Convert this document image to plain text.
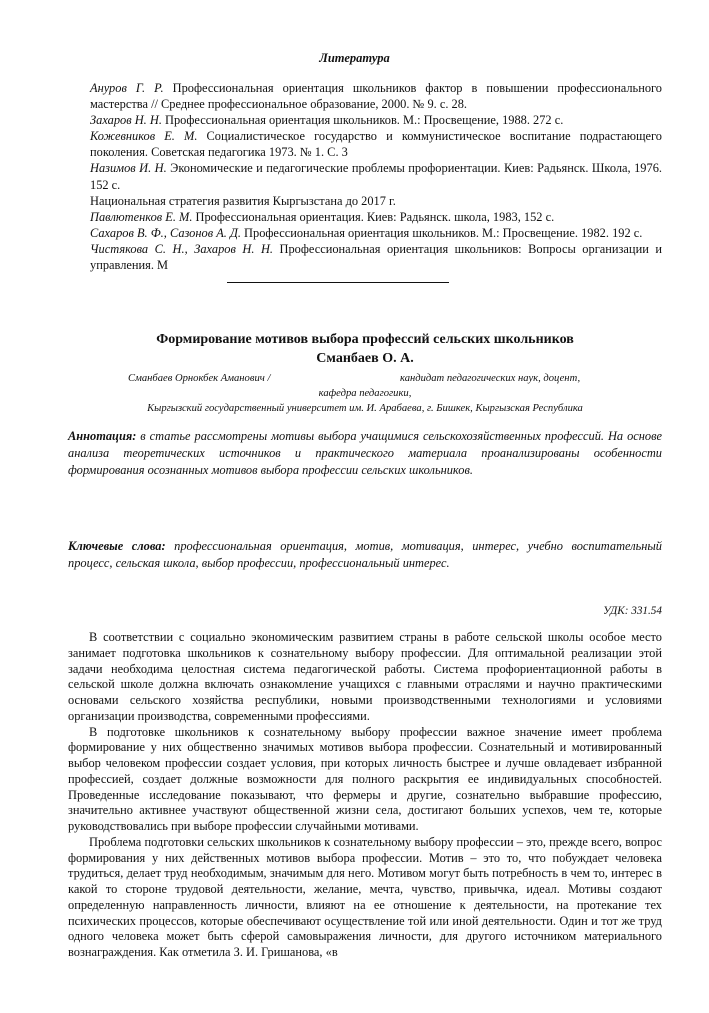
Литература

Ануров Г. Р. Профессиональная ориентация школьников фактор в повышении профессионального мастерства // Среднее профессиональное образование, 2000. № 9. с. 28.

Захаров Н. Н. Профессиональная ориентация школьников. М.: Просвещение, 1988. 272 с.

Кожевников Е. М. Социалистическое государство и коммунистическое воспитание подрастающего поколения. Советская педагогика 1973. № 1. С. 3

Назимов И. Н. Экономические и педагогические проблемы профориентации. Киев: Радьянск. Школа, 1976. 152 с.

Национальная стратегия развития Кыргызстана до 2017 г.

Павлютенков Е. М. Профессиональная ориентация. Киев: Радьянск. школа, 1983, 152 с.

Сахаров В. Ф., Сазонов А. Д. Профессиональная ориентация школьников. М.: Просвещение. 1982. 192 с.

Чистякова С. Н., Захаров Н. Н. Профессиональная ориентация школьников: Вопросы организации и управления. М

Формирование мотивов выбора профессий сельских школьников
Сманбаев О. А.
Сманбаев Орнокбек Аманович /	кандидат педагогических наук, доцент,
кафедра педагогики,
Кыргызский государственный университет им. И. Арабаева, г. Бишкек, Кыргызская Республика
Аннотация: в статье рассмотрены мотивы выбора учащимися сельскохозяйственных профессий. На основе анализа теоретических источников и практического материала проанализированы особенности формирования осознанных мотивов выбора профессии сельских школьников.
Ключевые слова: профессиональная ориентация, мотив, мотивация, интерес, учебно воспитательный процесс, сельская школа, выбор профессии, профессиональный интерес.
УДК: 331.54

В соответствии с социально экономическим развитием страны в работе сельской школы особое место занимает подготовка школьников к сознательному выбору профессии. Для оптимальной реализации этой задачи необходима целостная система педагогической работы. Система профориентационной работы в сельской школе должна включать ознакомление учащихся с главными отраслями и научно практическими основами сельского хозяйства республики, новыми производственными технологиями и условиями организации производства, современными профессиями.

В подготовке школьников к сознательному выбору профессии важное значение имеет проблема формирование у них общественно значимых мотивов выбора профессии. Сознательный и мотивированный выбор человеком профессии создает условия, при которых личность быстрее и лучше овладевает избранной профессией, создает должные возможности для полного раскрытия ее индивидуальных способностей. Проведенные исследование показывают, что фермеры и другие, сознательно выбравшие профессию, значительно активнее участвуют общественной жизни села, достигают больших успехов, чем те, которые руководствовались при выборе профессии случайными мотивами.

Проблема подготовки сельских школьников к сознательному выбору профессии – это, прежде всего, вопрос формирования у них действенных мотивов выбора профессии. Мотив – это то, что побуждает человека трудиться, делает труд необходимым, значимым для него. Мотивом могут быть потребность в чем то, интерес в какой то стороне трудовой деятельности, желание, мечта, чувство, привычка, идеал. Мотивы создают определенную направленность личности, влияют на ее отношение к деятельности, на протекание тех психических процессов, которые обеспечивают осуществление той или иной деятельности. Один и тот же труд одного человека может быть сферой самовыражения личности, для другого источником материального вознаграждения. Как отметила З. И. Гришанова, «в
